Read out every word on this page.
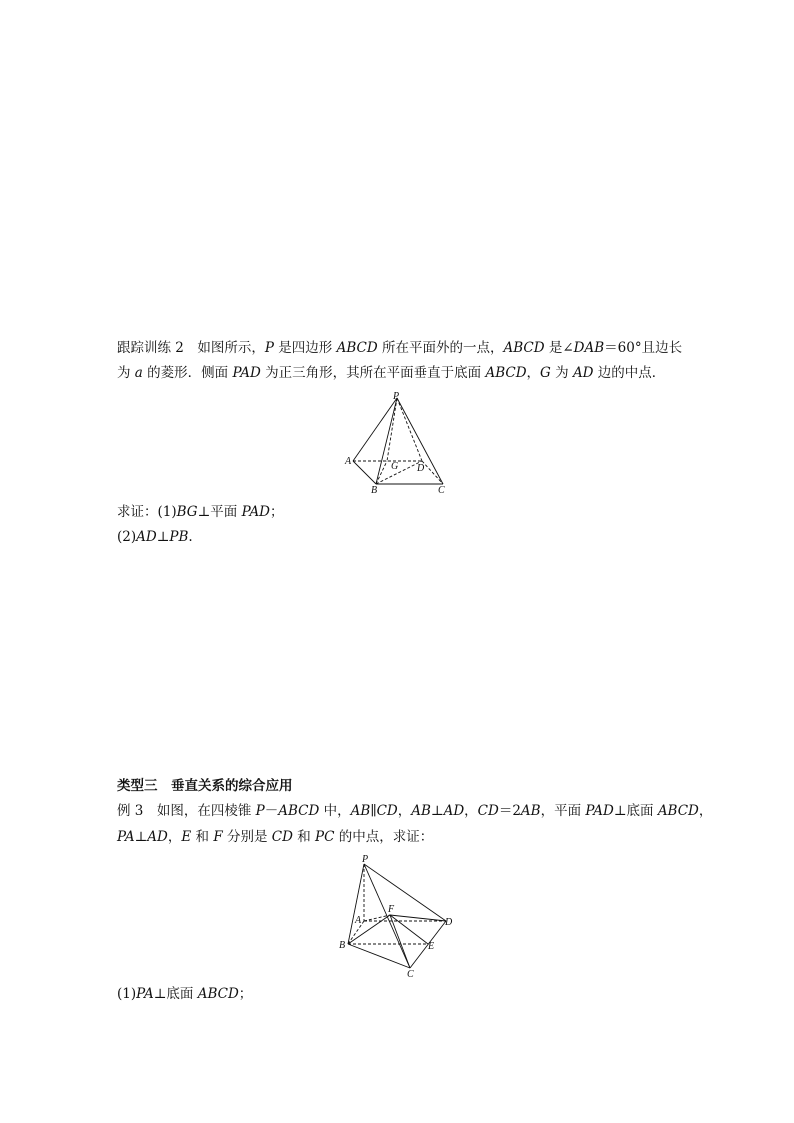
跟踪训练 2　如图所示，P 是四边形 ABCD 所在平面外的一点，ABCD 是∠DAB＝60°且边长
为 a 的菱形．侧面 PAD 为正三角形，其所在平面垂直于底面 ABCD，G 为 AD 边的中点．
P
A	G D
B	C
求证：(1)BG⊥平面 PAD；
(2)AD⊥PB.
类型三　垂直关系的综合应用
例 3　如图，在四棱锥 P－ABCD 中，AB∥CD，AB⊥AD，CD＝2AB，平面 PAD⊥底面 ABCD，
PA⊥AD，E 和 F 分别是 CD 和 PC 的中点，求证：
P
A
F
D
B	E
C
(1)PA⊥底面 ABCD；
